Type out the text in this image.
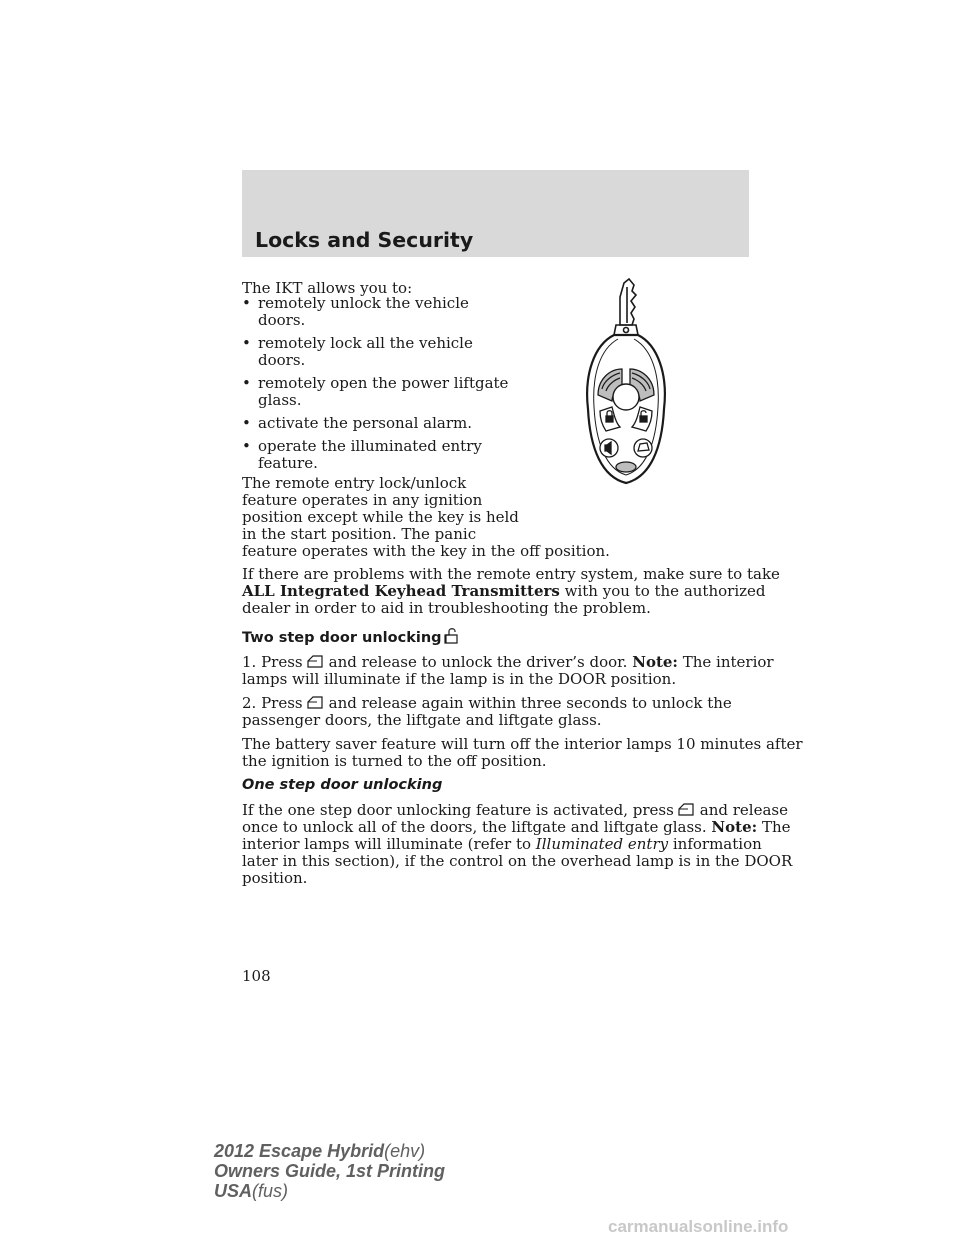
Locks and Security
The IKT allows you to:
• remotely unlock the vehicle
doors.
• remotely lock all the vehicle
doors.
• remotely open the power liftgate
glass.
• activate the personal alarm.
• operate the illuminated entry
feature.
The remote entry lock/unlock
feature operates in any ignition
position except while the key is held
in the start position. The panic
feature operates with the key in the off position.
If there are problems with the remote entry system, make sure to take
ALL Integrated Keyhead Transmitters with you to the authorized
dealer in order to aid in troubleshooting the problem.
Two step door unlocking
1. Press and release to unlock the driver’s door. Note: The interior
lamps will illuminate if the lamp is in the DOOR position.
2. Press and release again within three seconds to unlock the
passenger doors, the liftgate and liftgate glass.
The battery saver feature will turn off the interior lamps 10 minutes after
the ignition is turned to the off position.
One step door unlocking
If the one step door unlocking feature is activated, press and release
once to unlock all of the doors, the liftgate and liftgate glass. Note: The
interior lamps will illuminate (refer to Illuminated entry information
later in this section), if the control on the overhead lamp is in the DOOR
position.
108
2012 Escape Hybrid(ehv)
Owners Guide, 1st Printing
USA(fus)
carmanualsonline.info
